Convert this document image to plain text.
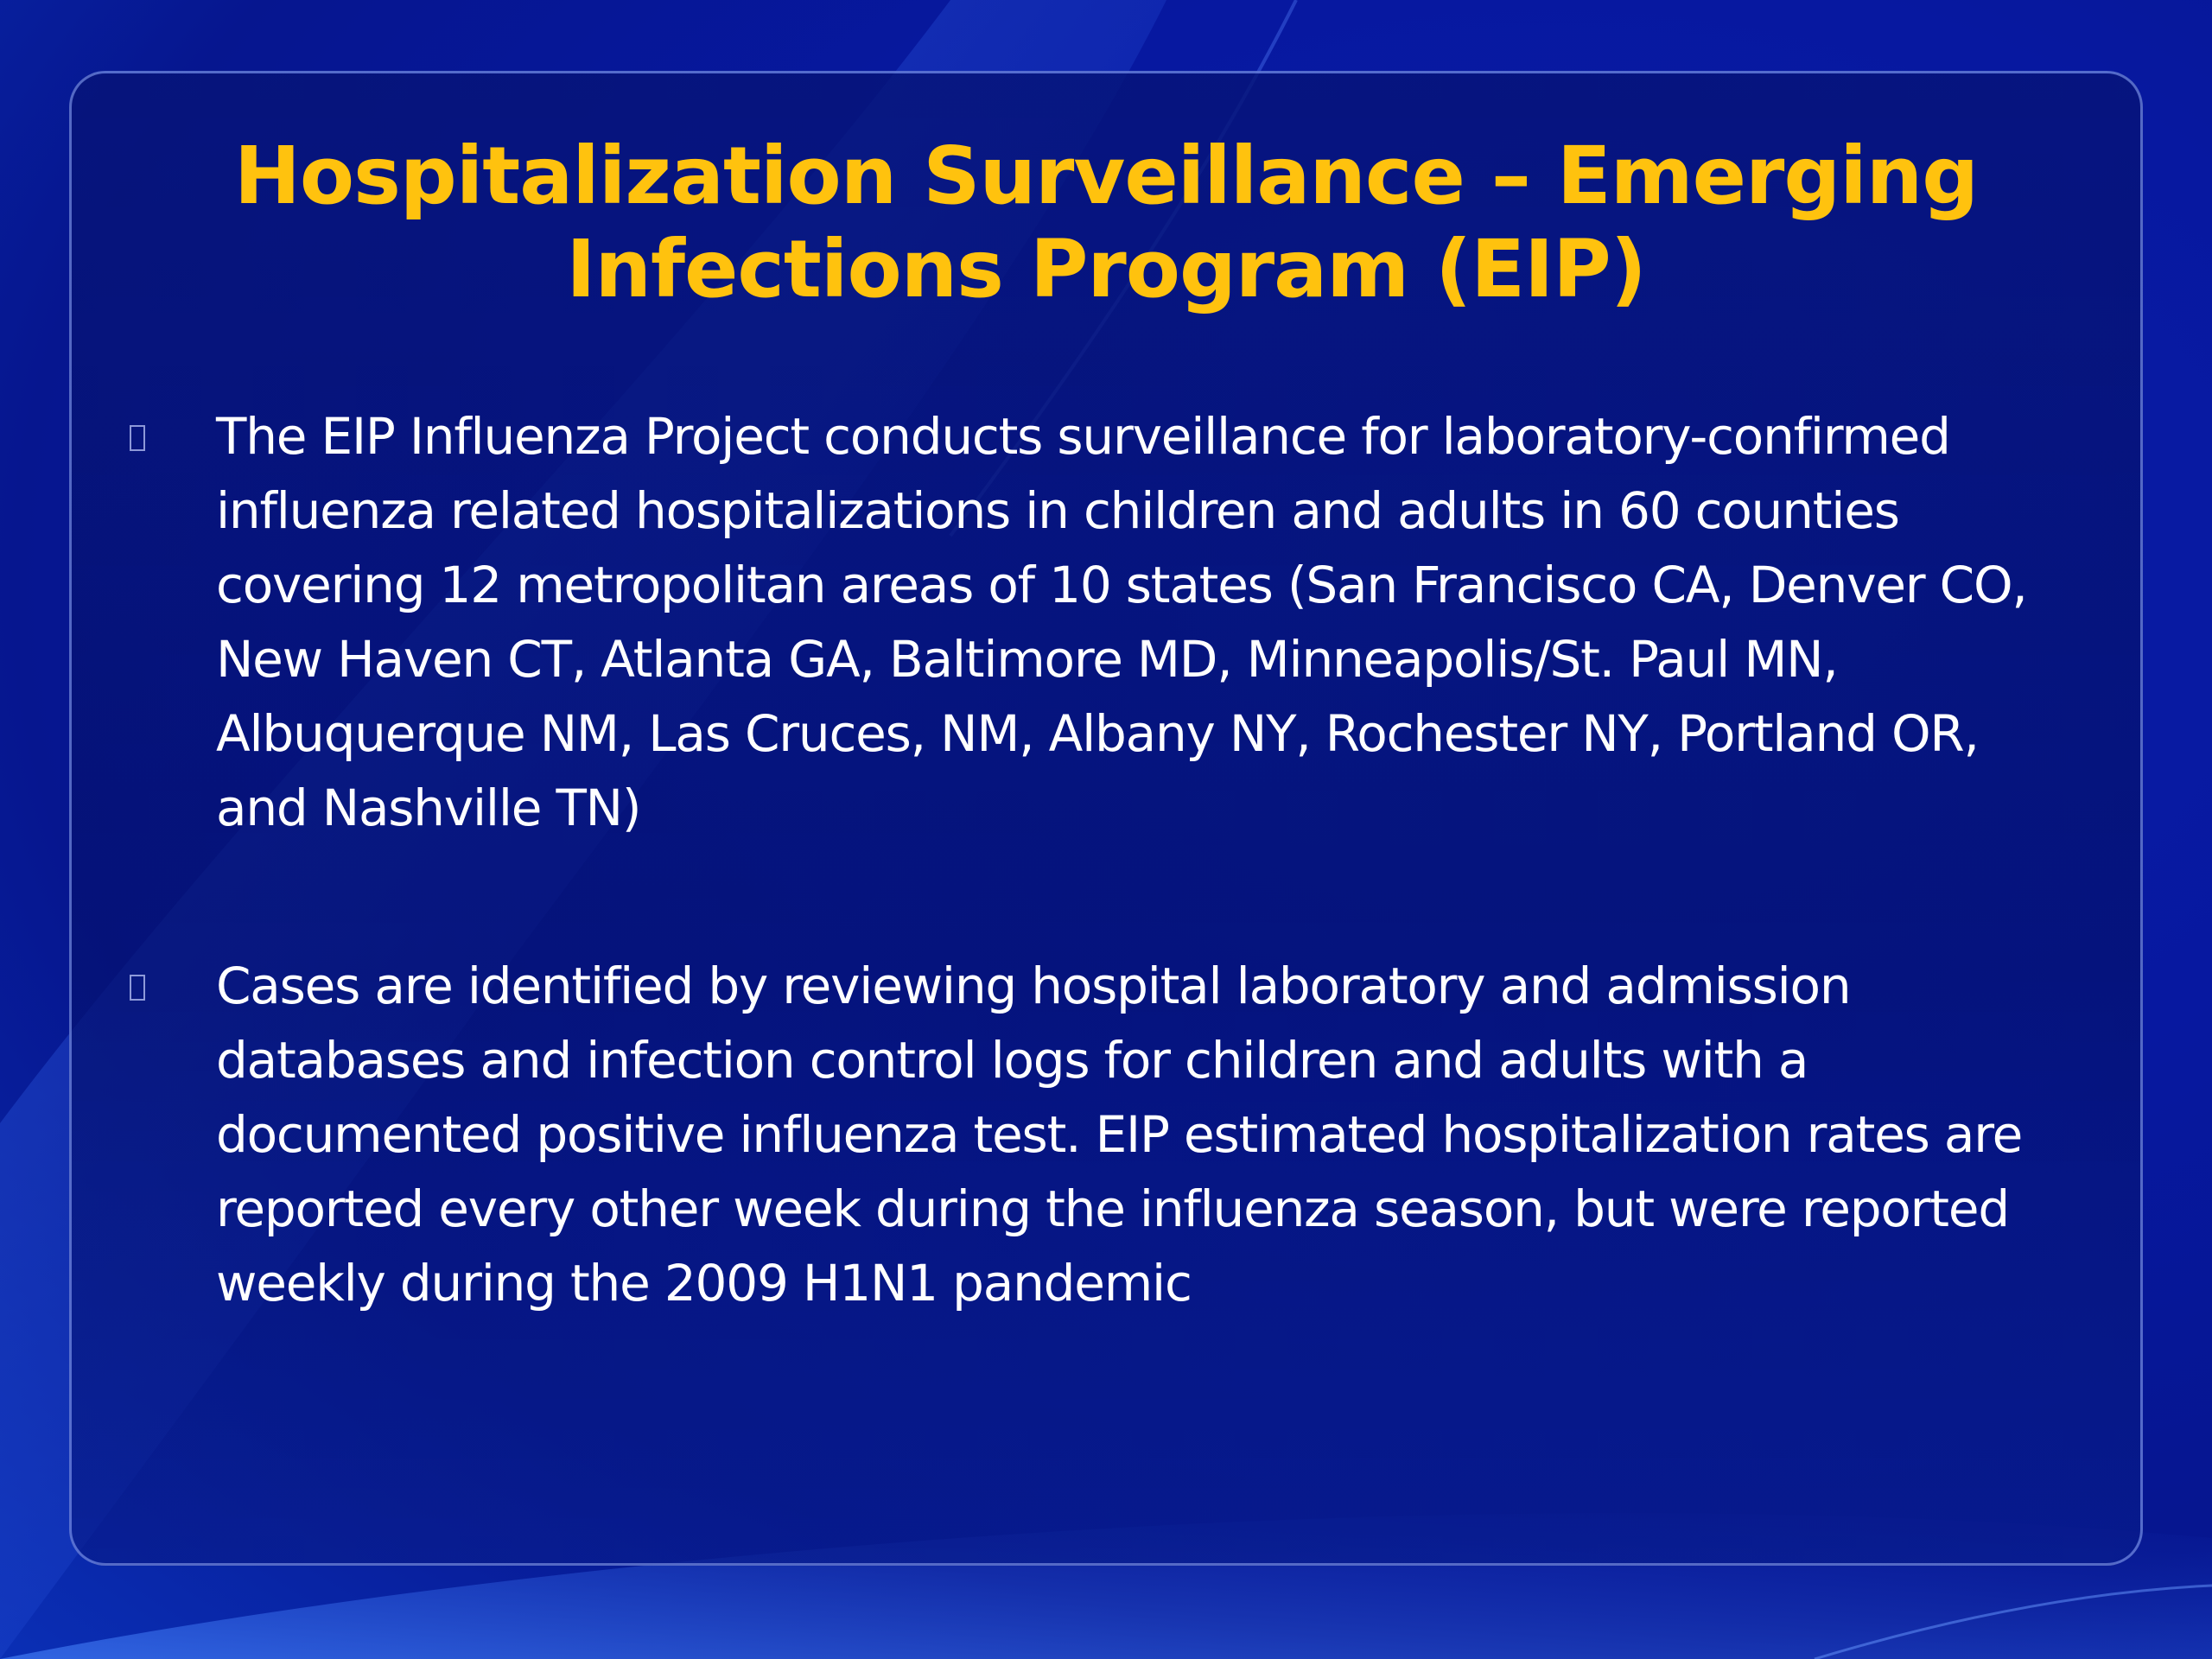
Hospitalization Surveillance – Emerging
Infections Program (EIP)
The EIP Influenza Project conducts surveillance for laboratory-confirmed influenza related hospitalizations in children and adults in 60 counties covering 12 metropolitan areas of 10 states (San Francisco CA, Denver CO, New Haven CT, Atlanta GA, Baltimore MD, Minneapolis/St. Paul MN, Albuquerque NM, Las Cruces, NM, Albany NY, Rochester NY, Portland OR, and Nashville TN)
Cases are identified by reviewing hospital laboratory and admission databases and infection control logs for children and adults with a documented positive influenza test. EIP estimated hospitalization rates are reported every other week during the influenza season, but were reported weekly during the 2009 H1N1 pandemic
